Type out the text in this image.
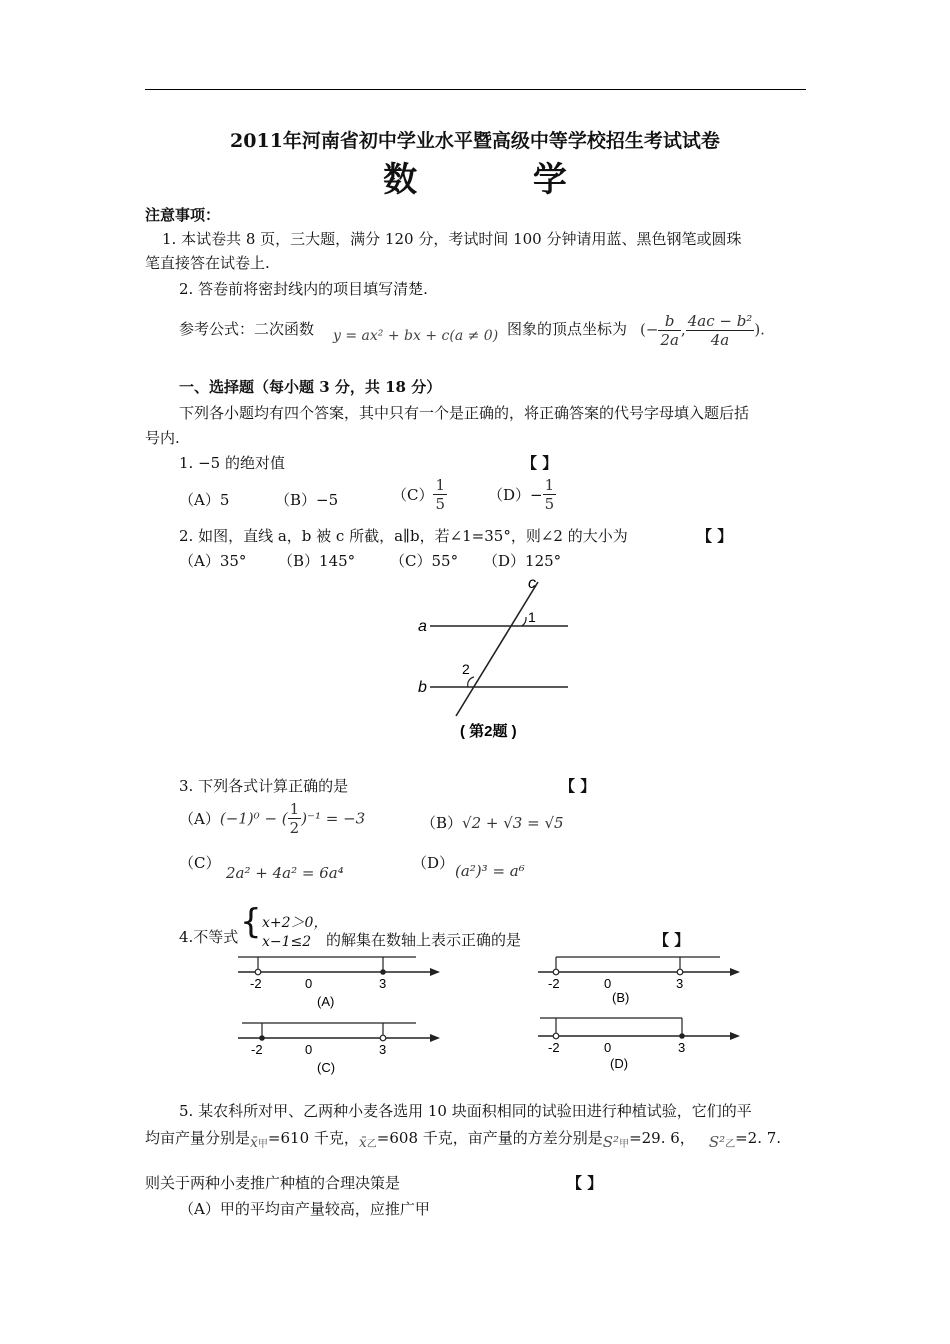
2011年河南省初中学业水平暨高级中等学校招生考试试卷
数 学
注意事项：
1. 本试卷共 8 页，三大题，满分 120 分，考试时间 100 分钟请用蓝、黑色钢笔或圆珠
笔直接答在试卷上.
2. 答卷前将密封线内的项目填写清楚.
参考公式：二次函数 y = ax² + bx + c(a ≠ 0) 图象的顶点坐标为 (− $\frac{b}{2a}$ , $\frac{\text{4ac − b²}}{4a}$ ).
一、选择题（每小题 3 分，共 18 分）
下列各小题均有四个答案，其中只有一个是正确的，将正确答案的代号字母填入题后括
号内.
1. −5 的绝对值	【 】
（A）5	（B）−5	$(C) \frac{1}{5}$	$(D)- \frac{1}{5}$
2. 如图，直线 a，b 被 c 所截，a∥b，若∠1=35°，则∠2 的大小为	【 】
（A）35° （B）145° （C）55° （D）125°
c
a
b
1
2
( 第2题 )
3. 下列各式计算正确的是	【 】
（A）(−1)⁰ − ( $\frac{1}{2} )^{-1} = -3$	（B）√2 + √3 = √5
（C）
2a² + 4a² = 6a⁴
（D） (a²)³ = a⁶
4.不等式 { x+2＞0，
x−1≤2 的解集在数轴上表示正确的是	【 】
-2	0	3
(A)
-2	0	3
(B)
-2	0	3
(C)
-2	0	3
(D)
5. 某农科所对甲、乙两种小麦各选用 10 块面积相同的试验田进行种植试验，它们的平
均亩产量分别是$x̄_甲=610$ 千克，$x̄_乙=608$ 千克，亩产量的方差分别是$S^2_甲=29$. 6， $S^2_乙=2$. 7.
则关于两种小麦推广种植的合理决策是	【 】
（A）甲的平均亩产量较高，应推广甲
